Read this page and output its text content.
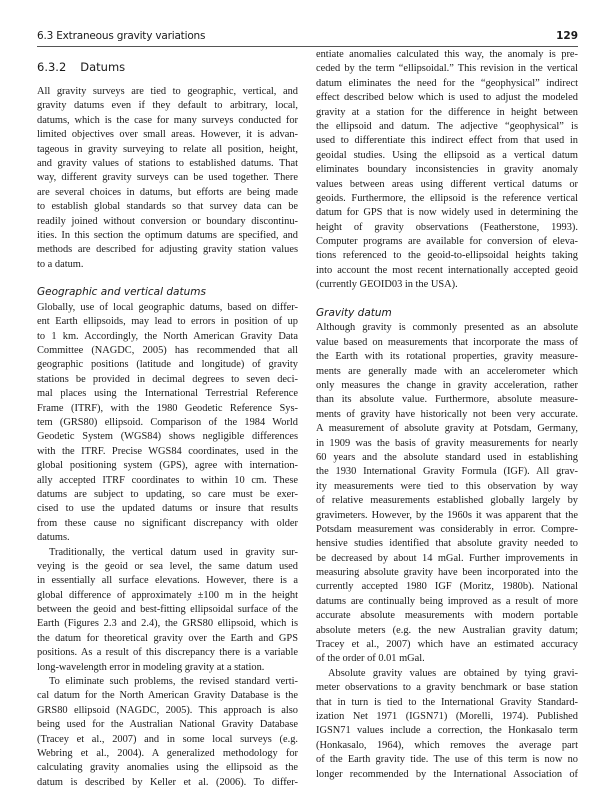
6.3 Extraneous gravity variations	129
6.3.2 Datums
All gravity surveys are tied to geographic, vertical, and
gravity datums even if they default to arbitrary, local,
datums, which is the case for many surveys conducted for
limited objectives over small areas. However, it is advan-
tageous in gravity surveying to relate all position, height,
and gravity values of stations to established datums. That
way, different gravity surveys can be used together. There
are several choices in datums, but efforts are being made
to establish global standards so that survey data can be
readily joined without conversion or boundary discontinu-
ities. In this section the optimum datums are specified, and
methods are described for adjusting gravity station values
to a datum.
Geographic and vertical datums
Globally, use of local geographic datums, based on differ-
ent Earth ellipsoids, may lead to errors in position of up
to 1 km. Accordingly, the North American Gravity Data
Committee (NAGDC, 2005) has recommended that all
geographic positions (latitude and longitude) of gravity
stations be provided in decimal degrees to seven deci-
mal places using the International Terrestrial Reference
Frame (ITRF), with the 1980 Geodetic Reference Sys-
tem (GRS80) ellipsoid. Comparison of the 1984 World
Geodetic System (WGS84) shows negligible differences
with the ITRF. Precise WGS84 coordinates, used in the
global positioning system (GPS), agree with internation-
ally accepted ITRF coordinates to within 10 cm. These
datums are subject to updating, so care must be exer-
cised to use the updated datums or insure that results
from these cause no significant discrepancy with older
datums.
Traditionally, the vertical datum used in gravity sur-
veying is the geoid or sea level, the same datum used
in essentially all surface elevations. However, there is a
global difference of approximately ±100 m in the height
between the geoid and best-fitting ellipsoidal surface of the
Earth (Figures 2.3 and 2.4), the GRS80 ellipsoid, which is
the datum for theoretical gravity over the Earth and GPS
positions. As a result of this discrepancy there is a variable
long-wavelength error in modeling gravity at a station.
To eliminate such problems, the revised standard verti-
cal datum for the North American Gravity Database is the
GRS80 ellipsoid (NAGDC, 2005). This approach is also
being used for the Australian National Gravity Database
(Tracey et al., 2007) and in some local surveys (e.g.
Webring et al., 2004). A generalized methodology for
calculating gravity anomalies using the ellipsoid as the
datum is described by Keller et al. (2006). To differ-
entiate anomalies calculated this way, the anomaly is pre-
ceded by the term “ellipsoidal.” This revision in the vertical
datum eliminates the need for the “geophysical” indirect
effect described below which is used to adjust the modeled
gravity at a station for the difference in height between
the ellipsoid and datum. The adjective “geophysical” is
used to differentiate this indirect effect from that used in
geoidal studies. Using the ellipsoid as a vertical datum
eliminates boundary inconsistencies in gravity anomaly
values between areas using different vertical datums or
geoids. Furthermore, the ellipsoid is the reference vertical
datum for GPS that is now widely used in determining the
height of gravity observations (Featherstone, 1993).
Computer programs are available for conversion of eleva-
tions referenced to the geoid-to-ellipsoidal heights taking
into account the most recent internationally accepted geoid
(currently GEOID03 in the USA).
Gravity datum
Although gravity is commonly presented as an absolute
value based on measurements that incorporate the mass of
the Earth with its rotational properties, gravity measure-
ments are generally made with an accelerometer which
only measures the change in gravity acceleration, rather
than its absolute value. Furthermore, absolute measure-
ments of gravity have historically not been very accurate.
A measurement of absolute gravity at Potsdam, Germany,
in 1909 was the basis of gravity measurements for nearly
60 years and the absolute standard used in establishing
the 1930 International Gravity Formula (IGF). All grav-
ity measurements were tied to this observation by way
of relative measurements established globally largely by
gravimeters. However, by the 1960s it was apparent that the
Potsdam measurement was considerably in error. Compre-
hensive studies identified that absolute gravity needed to
be decreased by about 14 mGal. Further improvements in
measuring absolute gravity have been incorporated into the
currently accepted 1980 IGF (Moritz, 1980b). National
datums are continually being improved as a result of more
accurate absolute measurements with modern portable
absolute meters (e.g. the new Australian gravity datum;
Tracey et al., 2007) which have an estimated accuracy
of the order of 0.01 mGal.
Absolute gravity values are obtained by tying gravi-
meter observations to a gravity benchmark or base station
that in turn is tied to the International Gravity Standard-
ization Net 1971 (IGSN71) (Morelli, 1974). Published
IGSN71 values include a correction, the Honkasalo term
(Honkasalo, 1964), which removes the average part
of the Earth gravity tide. The use of this term is now no
longer recommended by the International Association of
